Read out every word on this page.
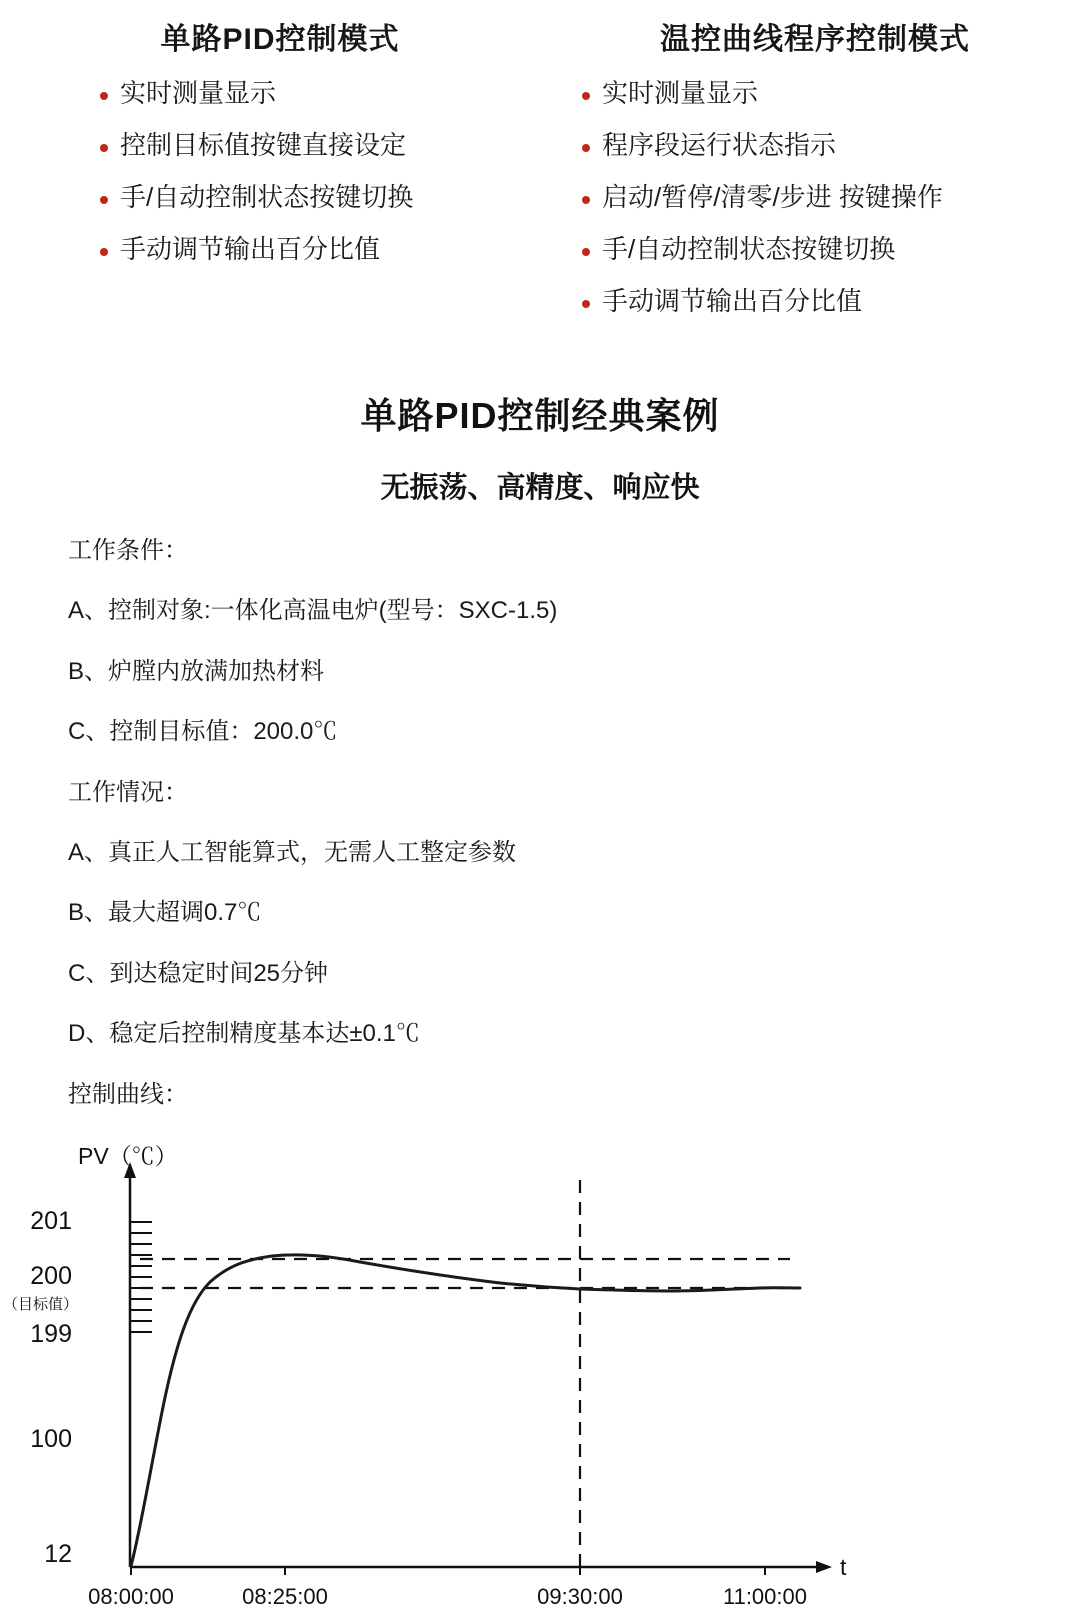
单路PID控制模式
实时测量显示
控制目标值按键直接设定
手/自动控制状态按键切换
手动调节输出百分比值
温控曲线程序控制模式
实时测量显示
程序段运行状态指示
启动/暂停/清零/步进 按键操作
手/自动控制状态按键切换
手动调节输出百分比值
单路PID控制经典案例
无振荡、高精度、响应快

工作条件：

A、控制对象:一体化高温电炉(型号：SXC-1.5)

B、炉膛内放满加热材料

C、控制目标值：200.0℃

工作情况：

A、真正人工智能算式，无需人工整定参数

B、最大超调0.7℃

C、到达稳定时间25分钟

D、稳定后控制精度基本达±0.1℃

控制曲线：

PV（℃）
t
201
200
（目标值）
199
100
12
08:00:00	08:25:00	09:30:00	11:00:00
